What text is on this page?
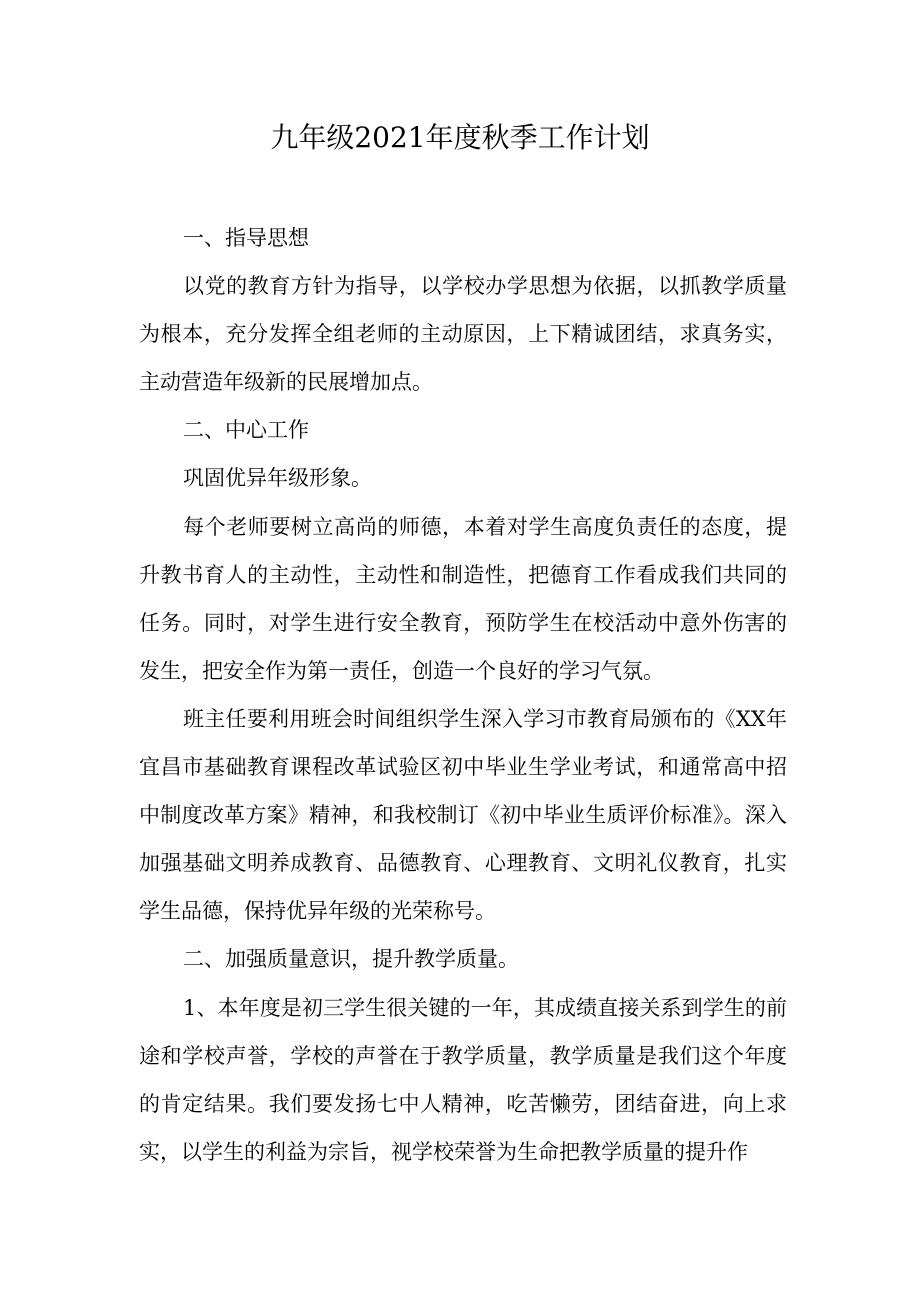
九年级2021年度秋季工作计划

一、指导思想

以党的教育方针为指导，以学校办学思想为依据，以抓教学质量为根本，充分发挥全组老师的主动原因，上下精诚团结，求真务实，主动营造年级新的民展增加点。

二、中心工作

巩固优异年级形象。

每个老师要树立高尚的师德，本着对学生高度负责任的态度，提升教书育人的主动性，主动性和制造性，把德育工作看成我们共同的任务。同时，对学生进行安全教育，预防学生在校活动中意外伤害的发生，把安全作为第一责任，创造一个良好的学习气氛。

班主任要利用班会时间组织学生深入学习市教育局颁布的《XX年宜昌市基础教育课程改革试验区初中毕业生学业考试，和通常高中招中制度改革方案》精神，和我校制订《初中毕业生质评价标准》。深入加强基础文明养成教育、品德教育、心理教育、文明礼仪教育，扎实学生品德，保持优异年级的光荣称号。

二、加强质量意识，提升教学质量。

1、本年度是初三学生很关键的一年，其成绩直接关系到学生的前途和学校声誉，学校的声誉在于教学质量，教学质量是我们这个年度的肯定结果。我们要发扬七中人精神，吃苦懒劳，团结奋进，向上求实，以学生的利益为宗旨，视学校荣誉为生命把教学质量的提升作
